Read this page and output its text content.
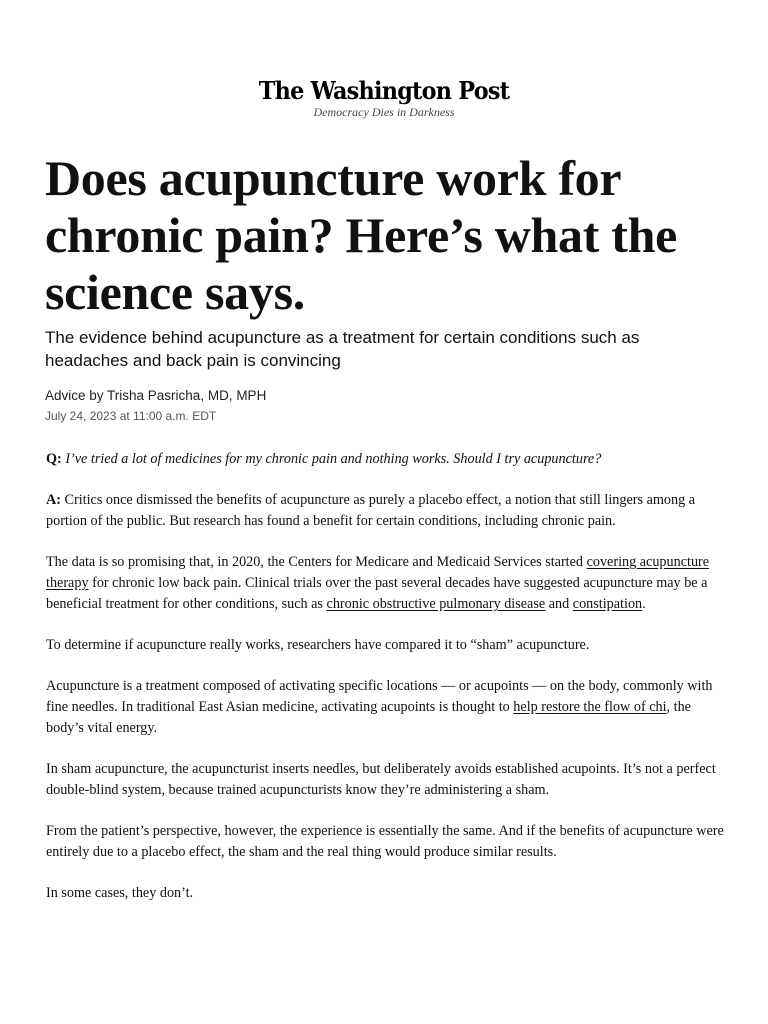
The Washington Post
Democracy Dies in Darkness
Does acupuncture work for chronic pain? Here’s what the science says.

The evidence behind acupuncture as a treatment for certain conditions such as headaches and back pain is convincing

Advice by Trisha Pasricha, MD, MPH
July 24, 2023 at 11:00 a.m. EDT

Q: I’ve tried a lot of medicines for my chronic pain and nothing works. Should I try acupuncture?

A: Critics once dismissed the benefits of acupuncture as purely a placebo effect, a notion that still lingers among a portion of the public. But research has found a benefit for certain conditions, including chronic pain.

The data is so promising that, in 2020, the Centers for Medicare and Medicaid Services started covering acupuncture therapy for chronic low back pain. Clinical trials over the past several decades have suggested acupuncture may be a beneficial treatment for other conditions, such as chronic obstructive pulmonary disease and constipation.

To determine if acupuncture really works, researchers have compared it to “sham” acupuncture.

Acupuncture is a treatment composed of activating specific locations — or acupoints — on the body, commonly with fine needles. In traditional East Asian medicine, activating acupoints is thought to help restore the flow of chi, the body’s vital energy.

In sham acupuncture, the acupuncturist inserts needles, but deliberately avoids established acupoints. It’s not a perfect double-blind system, because trained acupuncturists know they’re administering a sham.

From the patient’s perspective, however, the experience is essentially the same. And if the benefits of acupuncture were entirely due to a placebo effect, the sham and the real thing would produce similar results.

In some cases, they don’t.
